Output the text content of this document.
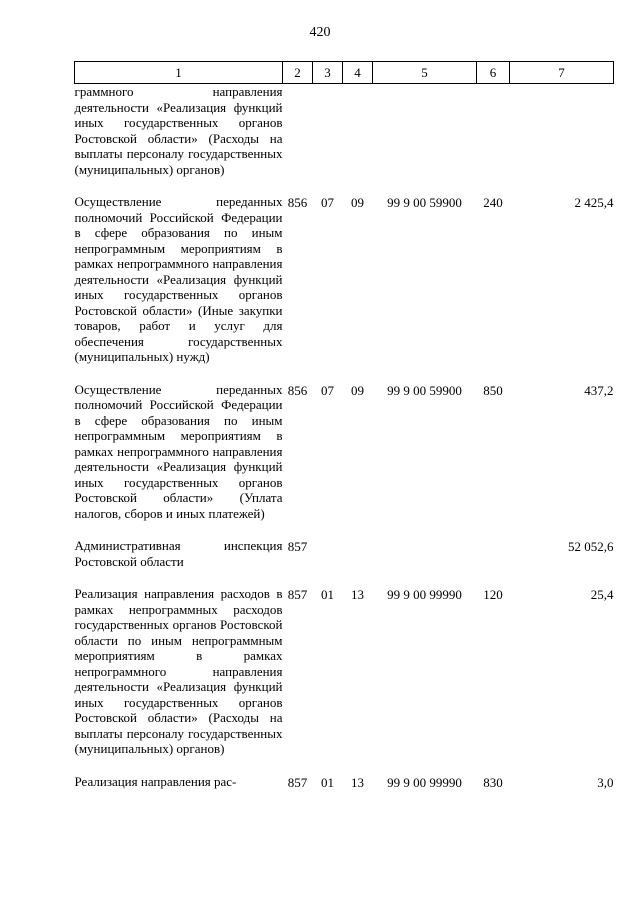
420
1	2	3	4	5	6	7
граммного направления деятельности «Реализация функций иных государственных органов Ростовской области» (Расходы на выплаты персоналу государственных (муниципальных) органов)						
Осуществление переданных полномочий Российской Федерации в сфере образования по иным непрограммным мероприятиям в рамках непрограммного направления деятельности «Реализация функций иных государственных органов Ростовской области» (Иные закупки товаров, работ и услуг для обеспечения государственных (муниципальных) нужд)	856	07	09	99 9 00 59900	240	2 425,4
Осуществление переданных полномочий Российской Федерации в сфере образования по иным непрограммным мероприятиям в рамках непрограммного направления деятельности «Реализация функций иных государственных органов Ростовской области» (Уплата налогов, сборов и иных платежей)	856	07	09	99 9 00 59900	850	437,2
Административная инспекция Ростовской области	857					52 052,6
Реализация направления расходов в рамках непрограммных расходов государственных органов Ростовской области по иным непрограммным мероприятиям в рамках непрограммного направления деятельности «Реализация функций иных государственных органов Ростовской области» (Расходы на выплаты персоналу государственных (муниципальных) органов)	857	01	13	99 9 00 99990	120	25,4
Реализация направления рас-	857	01	13	99 9 00 99990	830	3,0
